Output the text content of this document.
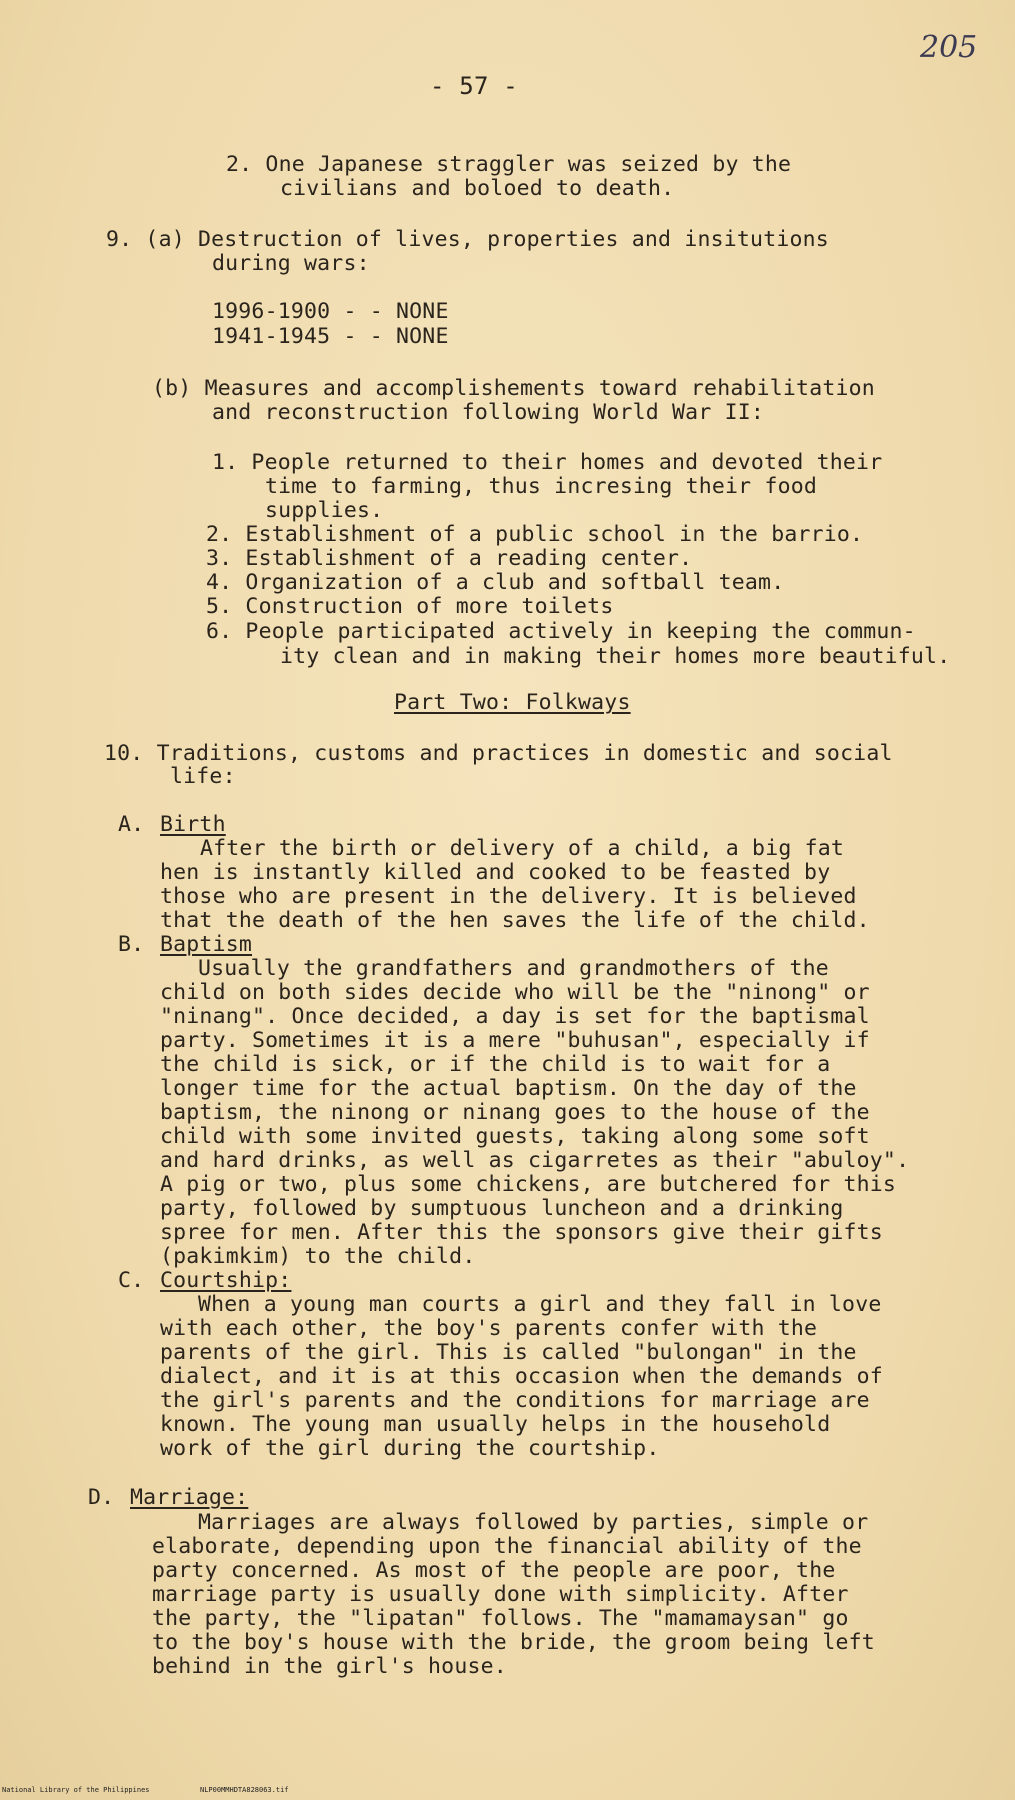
205
- 57 -
2. One Japanese straggler was seized by the
civilians and boloed to death.
9. (a) Destruction of lives, properties and insitutions
during wars:
1996-1900 - - NONE
1941-1945 - - NONE
(b) Measures and accomplishements toward rehabilitation
and reconstruction following World War II:
1. People returned to their homes and devoted their
time to farming, thus incresing their food
supplies.
2. Establishment of a public school in the barrio.
3. Establishment of a reading center.
4. Organization of a club and softball team.
5. Construction of more toilets
6. People participated actively in keeping the commun-
ity clean and in making their homes more beautiful.
Part Two: Folkways
10. Traditions, customs and practices in domestic and social
life:
A. Birth
After the birth or delivery of a child, a big fat
hen is instantly killed and cooked to be feasted by
those who are present in the delivery. It is believed
that the death of the hen saves the life of the child.
B. Baptism
Usually the grandfathers and grandmothers of the
child on both sides decide who will be the "ninong" or
"ninang". Once decided, a day is set for the baptismal
party. Sometimes it is a mere "buhusan", especially if
the child is sick, or if the child is to wait for a
longer time for the actual baptism. On the day of the
baptism, the ninong or ninang goes to the house of the
child with some invited guests, taking along some soft
and hard drinks, as well as cigarretes as their "abuloy".
A pig or two, plus some chickens, are butchered for this
party, followed by sumptuous luncheon and a drinking
spree for men. After this the sponsors give their gifts
(pakimkim) to the child.
C. Courtship:
When a young man courts a girl and they fall in love
with each other, the boy's parents confer with the
parents of the girl. This is called "bulongan" in the
dialect, and it is at this occasion when the demands of
the girl's parents and the conditions for marriage are
known. The young man usually helps in the household
work of the girl during the courtship.
D. Marriage:
Marriages are always followed by parties, simple or
elaborate, depending upon the financial ability of the
party concerned. As most of the people are poor, the
marriage party is usually done with simplicity. After
the party, the "lipatan" follows. The "mamamaysan" go
to the boy's house with the bride, the groom being left
behind in the girl's house.
National Library of the Philippines	NLP00MMHDTA828063.tif
